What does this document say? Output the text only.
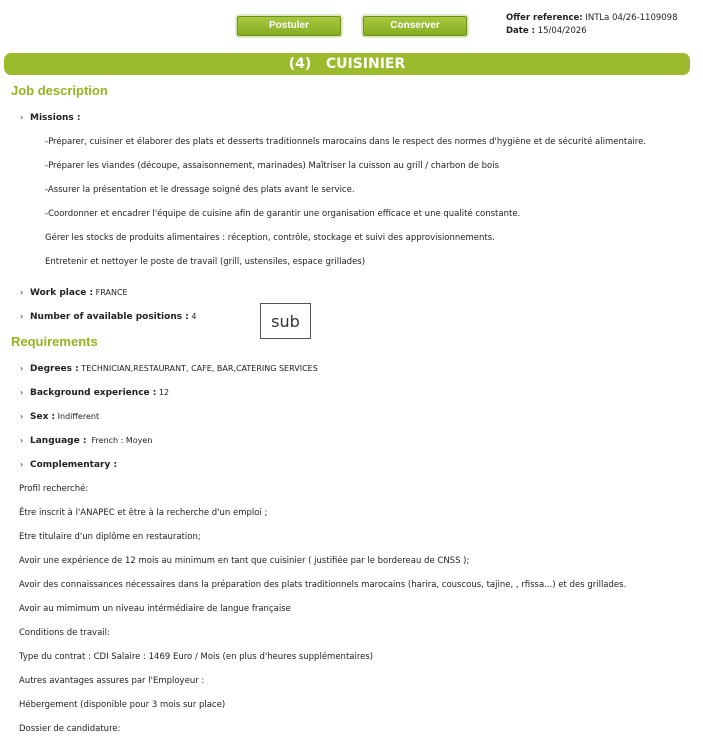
Postuler	Conserver
Offer reference: INTLa 04/26-1109098
Date : 15/04/2026
(4)   CUISINIER
Job description
› Missions :
-Préparer, cuisiner et élaborer des plats et desserts traditionnels marocains dans le respect des normes d'hygiène et de sécurité alimentaire.
-Préparer les viandes (découpe, assaisonnement, marinades) Maîtriser la cuisson au grill / charbon de bois
-Assurer la présentation et le dressage soigné des plats avant le service.
-Coordonner et encadrer l'équipe de cuisine afin de garantir une organisation efficace et une qualité constante.
Gérer les stocks de produits alimentaires : réception, contrôle, stockage et suivi des approvisionnements.
Entretenir et nettoyer le poste de travail (grill, ustensiles, espace grillades)
› Work place : FRANCE
› Number of available positions : 4	sub
Requirements
› Degrees : TECHNICIAN,RESTAURANT, CAFE, BAR,CATERING SERVICES
› Background experience : 12
› Sex : Indifferent
› Language :  French : Moyen
› Complementary :
Profil recherché:
Être inscrit à l'ANAPEC et être à la recherche d'un emploi ;
Etre titulaire d'un diplôme en restauration;
Avoir une expérience de 12 mois au minimum en tant que cuisinier ( justifiée par le bordereau de CNSS );
Avoir des connaissances nécessaires dans la préparation des plats traditionnels marocains (harira, couscous, tajine, , rfissa...) et des grillades.
Avoir au mimimum un niveau intérmédiaire de langue française
Conditions de travail:
Type du contrat : CDI Salaire : 1469 Euro / Mois (en plus d'heures supplémentaires)
Autres avantages assures par l'Employeur :
Hébergement (disponible pour 3 mois sur place)
Dossier de candidature:
